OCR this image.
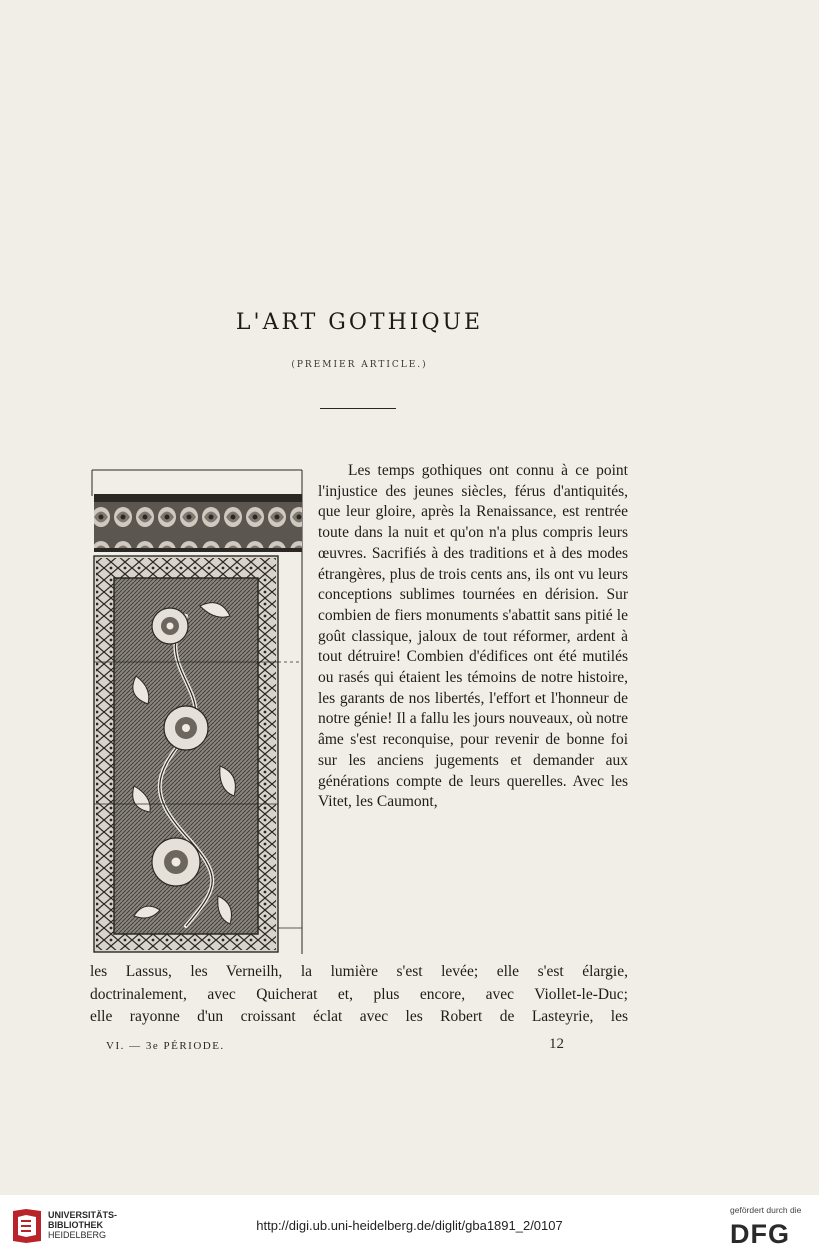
L'ART GOTHIQUE
(PREMIER ARTICLE.)

Les temps gothiques ont connu à ce point l'injustice des jeunes siècles, férus d'antiquités, que leur gloire, après la Renaissance, est rentrée toute dans la nuit et qu'on n'a plus compris leurs œuvres. Sacrifiés à des traditions et à des modes étrangères, plus de trois cents ans, ils ont vu leurs conceptions sublimes tournées en dérision. Sur combien de fiers monuments s'abattit sans pitié le goût classique, jaloux de tout réformer, ardent à tout détruire! Combien d'édifices ont été mutilés ou rasés qui étaient les témoins de notre histoire, les garants de nos libertés, l'effort et l'honneur de notre génie! Il a fallu les jours nouveaux, où notre âme s'est reconquise, pour revenir de bonne foi sur les anciens jugements et demander aux générations compte de leurs querelles. Avec les Vitet, les Caumont,

les Lassus, les Verneilh, la lumière s'est levée; elle s'est élargie,

doctrinalement, avec Quicherat et, plus encore, avec Viollet-le-Duc;

elle rayonne d'un croissant éclat avec les Robert de Lasteyrie, les

VI. — 3e PÉRIODE.	12
UNIVERSITÄTS-
BIBLIOTHEK
HEIDELBERG
http://digi.ub.uni-heidelberg.de/diglit/gba1891_2/0107
gefördert durch die
DFG
